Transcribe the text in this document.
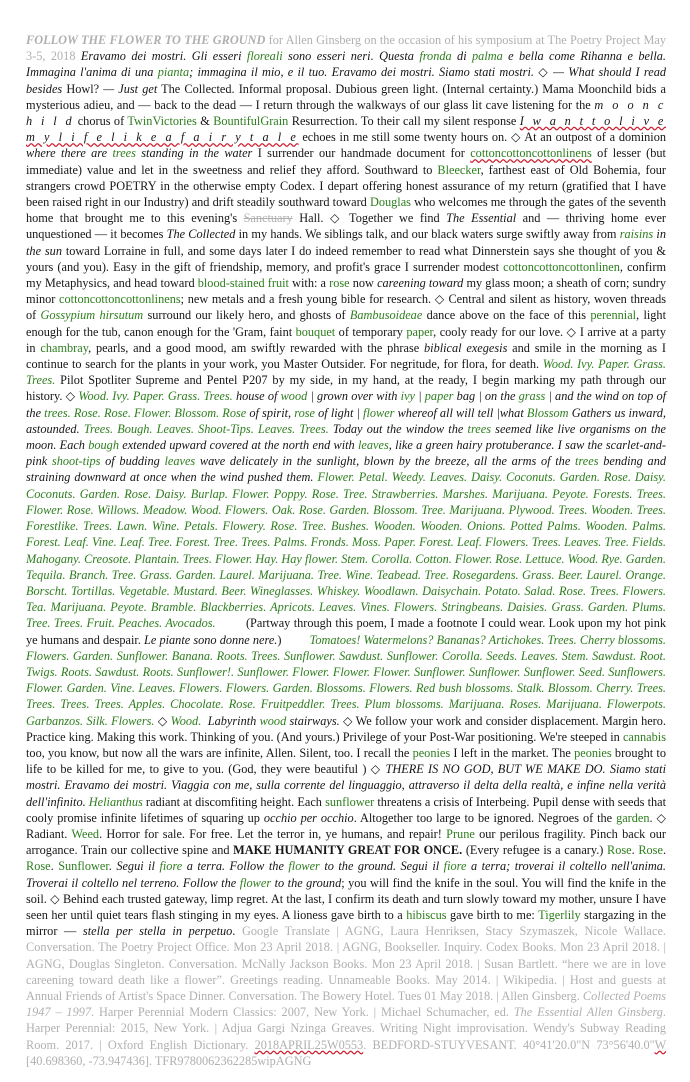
FOLLOW THE FLOWER TO THE GROUND for Allen Ginsberg on the occasion of his symposium at The Poetry Project May 3-5, 2018 Eravamo dei mostri. Gli esseri floreali sono esseri neri. Questa fronda di palma e bella come Rihanna e bella. Immagina l'anima di una pianta; immagina il mio, e il tuo. Eravamo dei mostri. Siamo stati mostri. ◇ — What should I read besides Howl? — Just get The Collected. Informal proposal. Dubious green light. (Internal certainty.) Mama Moonchild bids a mysterious adieu, and — back to the dead — I return through the walkways of our glass lit cave listening for the m o o n c h i l d chorus of TwinVictories & BountifulGrain Resurrection. To their call my silent response I w a n t t o l i v e m y l i f e l i k e a f a i r y t a l e echoes in me still some twenty hours on. ◇ At an outpost of a dominion where there are trees standing in the water I surrender our handmade document for cottoncottoncottonlinens of lesser (but immediate) value and let in the sweetness and relief they afford. Southward to Bleecker, farthest east of Old Bohemia, four strangers crowd POETRY in the otherwise empty Codex. I depart offering honest assurance of my return (gratified that I have been raised right in our Industry) and drift steadily southward toward Douglas who welcomes me through the gates of the seventh home that brought me to this evening's Sanctuary Hall. ◇ Together we find The Essential and — thriving home ever unquestioned — it becomes The Collected in my hands. We siblings talk, and our black waters surge swiftly away from raisins in the sun toward Lorraine in full, and some days later I do indeed remember to read what Dinnerstein says she thought of you & yours (and you). Easy in the gift of friendship, memory, and profit's grace I surrender modest cottoncottoncottonlinen, confirm my Metaphysics, and head toward blood-stained fruit with: a rose now careening toward my glass moon; a sheath of corn; sundry minor cottoncottoncottonlinens; new metals and a fresh young bible for research. ◇ Central and silent as history, woven threads of Gossypium hirsutum surround our likely hero, and ghosts of Bambusoideae dance above on the face of this perennial, light enough for the tub, canon enough for the 'Gram, faint bouquet of temporary paper, cooly ready for our love. ◇ I arrive at a party in chambray, pearls, and a good mood, am swiftly rewarded with the phrase biblical exegesis and smile in the morning as I continue to search for the plants in your work, you Master Outsider. For negritude, for flora, for death. Wood. Ivy. Paper. Grass. Trees. Pilot Spotliter Supreme and Pentel P207 by my side, in my hand, at the ready, I begin marking my path through our history. ◇ Wood. Ivy. Paper. Grass. Trees. house of wood | grown over with ivy | paper bag | on the grass | and the wind on top of the trees. Rose. Rose. Flower. Blossom. Rose of spirit, rose of light | flower whereof all will tell |what Blossom Gathers us inward, astounded. Trees. Bough. Leaves. Shoot-Tips. Leaves. Trees. Today out the window the trees seemed like live organisms on the moon. Each bough extended upward covered at the north end with leaves, like a green hairy protuberance. I saw the scarlet-and-pink shoot-tips of budding leaves wave delicately in the sunlight, blown by the breeze, all the arms of the trees bending and straining downward at once when the wind pushed them. Flower. Petal. Weedy. Leaves. Daisy. Coconuts. Garden. Rose. Daisy. Coconuts. Garden. Rose. Daisy. Burlap. Flower. Poppy. Rose. Tree. Strawberries. Marshes. Marijuana. Peyote. Forests. Trees. Flower. Rose. Willows. Meadow. Wood. Flowers. Oak. Rose. Garden. Blossom. Tree. Marijuana. Plywood. Trees. Wooden. Trees. Forestlike. Trees. Lawn. Wine. Petals. Flowery. Rose. Tree. Bushes. Wooden. Wooden. Onions. Potted Palms. Wooden. Palms. Forest. Leaf. Vine. Leaf. Tree. Forest. Tree. Trees. Palms. Fronds. Moss. Paper. Forest. Leaf. Flowers. Trees. Leaves. Tree. Fields. Mahogany. Creosote. Plantain. Trees. Flower. Hay. Hay flower. Stem. Corolla. Cotton. Flower. Rose. Lettuce. Wood. Rye. Garden. Tequila. Branch. Tree. Grass. Garden. Laurel. Marijuana. Tree. Wine. Teabead. Tree. Rosegardens. Grass. Beer. Laurel. Orange. Borscht. Tortillas. Vegetable. Mustard. Beer. Wineglasses. Whiskey. Woodlawn. Daisychain. Potato. Salad. Rose. Trees. Flowers. Tea. Marijuana. Peyote. Bramble. Blackberries. Apricots. Leaves. Vines. Flowers. Stringbeans. Daisies. Grass. Garden. Plums. Tree. Trees. Fruit. Peaches. Avocados.         (Partway through this poem, I made a footnote I could wear. Look upon my hot pink ye humans and despair. Le piante sono donne nere.)         Tomatoes! Watermelons? Bananas? Artichokes. Trees. Cherry blossoms. Flowers. Garden. Sunflower. Banana. Roots. Trees. Sunflower. Sawdust. Sunflower. Corolla. Seeds. Leaves. Stem. Sawdust. Root. Twigs. Roots. Sawdust. Roots. Sunflower!. Sunflower. Flower. Flower. Flower. Sunflower. Sunflower. Sunflower. Seed. Sunflowers. Flower. Garden. Vine. Leaves. Flowers. Flowers. Garden. Blossoms. Flowers. Red bush blossoms. Stalk. Blossom. Cherry. Trees. Trees. Trees. Trees. Apples. Chocolate. Rose. Fruitpeddler. Trees. Plum blossoms. Marijuana. Roses. Marijuana. Flowerpots. Garbanzos. Silk. Flowers. ◇ Wood.  Labyrinth wood stairways. ◇ We follow your work and consider displacement. Margin hero. Practice king. Making this work. Thinking of you. (And yours.) Privilege of your Post-War positioning. We're steeped in cannabis too, you know, but now all the wars are infinite, Allen. Silent, too. I recall the peonies I left in the market. The peonies brought to life to be killed for me, to give to you. (God, they were beautiful ) ◇ THERE IS NO GOD, BUT WE MAKE DO. Siamo stati mostri. Eravamo dei mostri. Viaggia con me, sulla corrente del linguaggio, attraverso il delta della realtà, e infine nella verità dell'infinito. Helianthus radiant at discomfiting height. Each sunflower threatens a crisis of Interbeing. Pupil dense with seeds that cooly promise infinite lifetimes of squaring up occhio per occhio. Altogether too large to be ignored. Negroes of the garden. ◇ Radiant. Weed. Horror for sale. For free. Let the terror in, ye humans, and repair! Prune our perilous fragility. Pinch back our arrogance. Train our collective spine and MAKE HUMANITY GREAT FOR ONCE. (Every refugee is a canary.) Rose. Rose. Rose. Sunflower. Segui il fiore a terra. Follow the flower to the ground. Segui il fiore a terra; troverai il coltello nell'anima. Troverai il coltello nel terreno. Follow the flower to the ground; you will find the knife in the soul. You will find the knife in the soil. ◇ Behind each trusted gateway, limp regret. At the last, I confirm its death and turn slowly toward my mother, unsure I have seen her until quiet tears flash stinging in my eyes. A lioness gave birth to a hibiscus gave birth to me: Tigerlily stargazing in the mirror — stella per stella in perpetuo. Google Translate | AGNG, Laura Henriksen, Stacy Szymaszek, Nicole Wallace. Conversation. The Poetry Project Office. Mon 23 April 2018. | AGNG, Bookseller. Inquiry. Codex Books. Mon 23 April 2018. | AGNG, Douglas Singleton. Conversation. McNally Jackson Books. Mon 23 April 2018. | Susan Bartlett. “here we are in love careening toward death like a flower”. Greetings reading. Unnameable Books. May 2014. | Wikipedia. | Host and guests at Annual Friends of Artist's Space Dinner. Conversation. The Bowery Hotel. Tues 01 May 2018. | Allen Ginsberg. Collected Poems 1947 – 1997. Harper Perennial Modern Classics: 2007, New York. | Michael Schumacher, ed. The Essential Allen Ginsberg. Harper Perennial: 2015, New York. | Adjua Gargi Nzinga Greaves. Writing Night improvisation. Wendy's Subway Reading Room. 2017. | Oxford English Dictionary. 2018APRIL25W0553. BEDFORD-STUYVESANT. 40°41'20.0"N 73°56'40.0"W [40.698360, -73.947436]. TFR9780062362285wipAGNG
